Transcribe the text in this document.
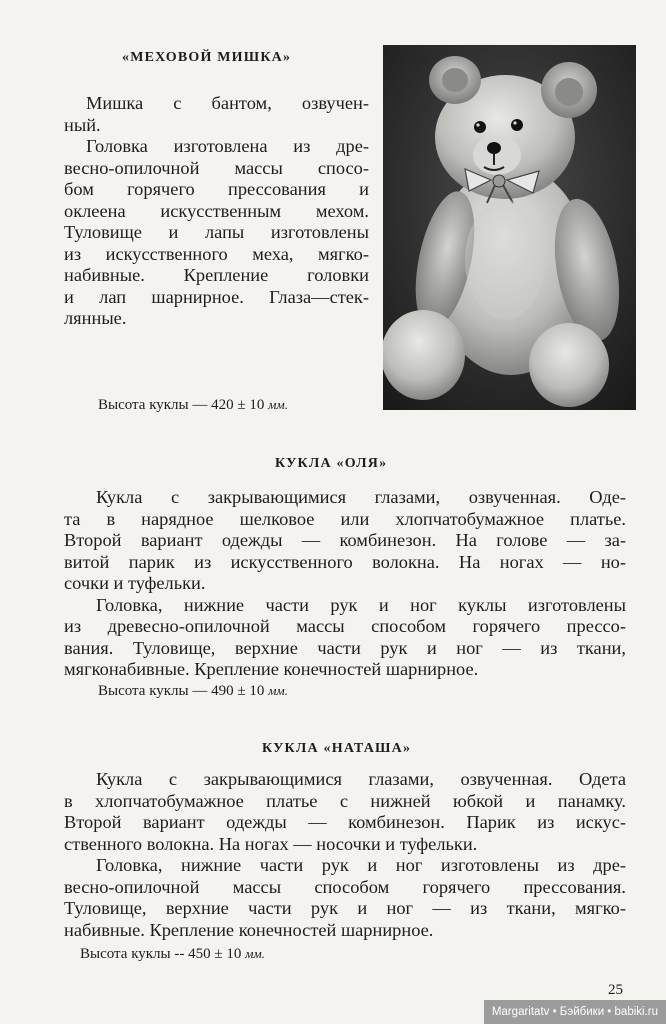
«МЕХОВОЙ МИШКА»
Мишка с бантом, озвучен-
ный.
Головка изготовлена из дре-
весно-опилочной массы спосо-
бом горячего прессования и
оклеена искусственным мехом.
Туловище и лапы изготовлены
из искусственного меха, мягко-
набивные. Крепление головки
и лап шарнирное. Глаза—стек-
лянные.
Высота куклы — 420 ± 10 мм.
КУКЛА «ОЛЯ»
Кукла с закрывающимися глазами, озвученная. Оде-
та в нарядное шелковое или хлопчатобумажное платье.
Второй вариант одежды — комбинезон. На голове — за-
витой парик из искусственного волокна. На ногах — но-
сочки и туфельки.
Головка, нижние части рук и ног куклы изготовлены
из древесно-опилочной массы способом горячего прессо-
вания. Туловище, верхние части рук и ног — из ткани,
мягконабивные. Крепление конечностей шарнирное.
Высота куклы — 490 ± 10 мм.
КУКЛА «НАТАША»
Кукла с закрывающимися глазами, озвученная. Одета
в хлопчатобумажное платье с нижней юбкой и панамку.
Второй вариант одежды — комбинезон. Парик из искус-
ственного волокна. На ногах — носочки и туфельки.
Головка, нижние части рук и ног изготовлены из дре-
весно-опилочной массы способом горячего прессования.
Туловище, верхние части рук и ног — из ткани, мягко-
набивные. Крепление конечностей шарнирное.
Высота куклы -- 450 ± 10 мм.
25
Margaritatv • Бэйбики • babiki.ru
